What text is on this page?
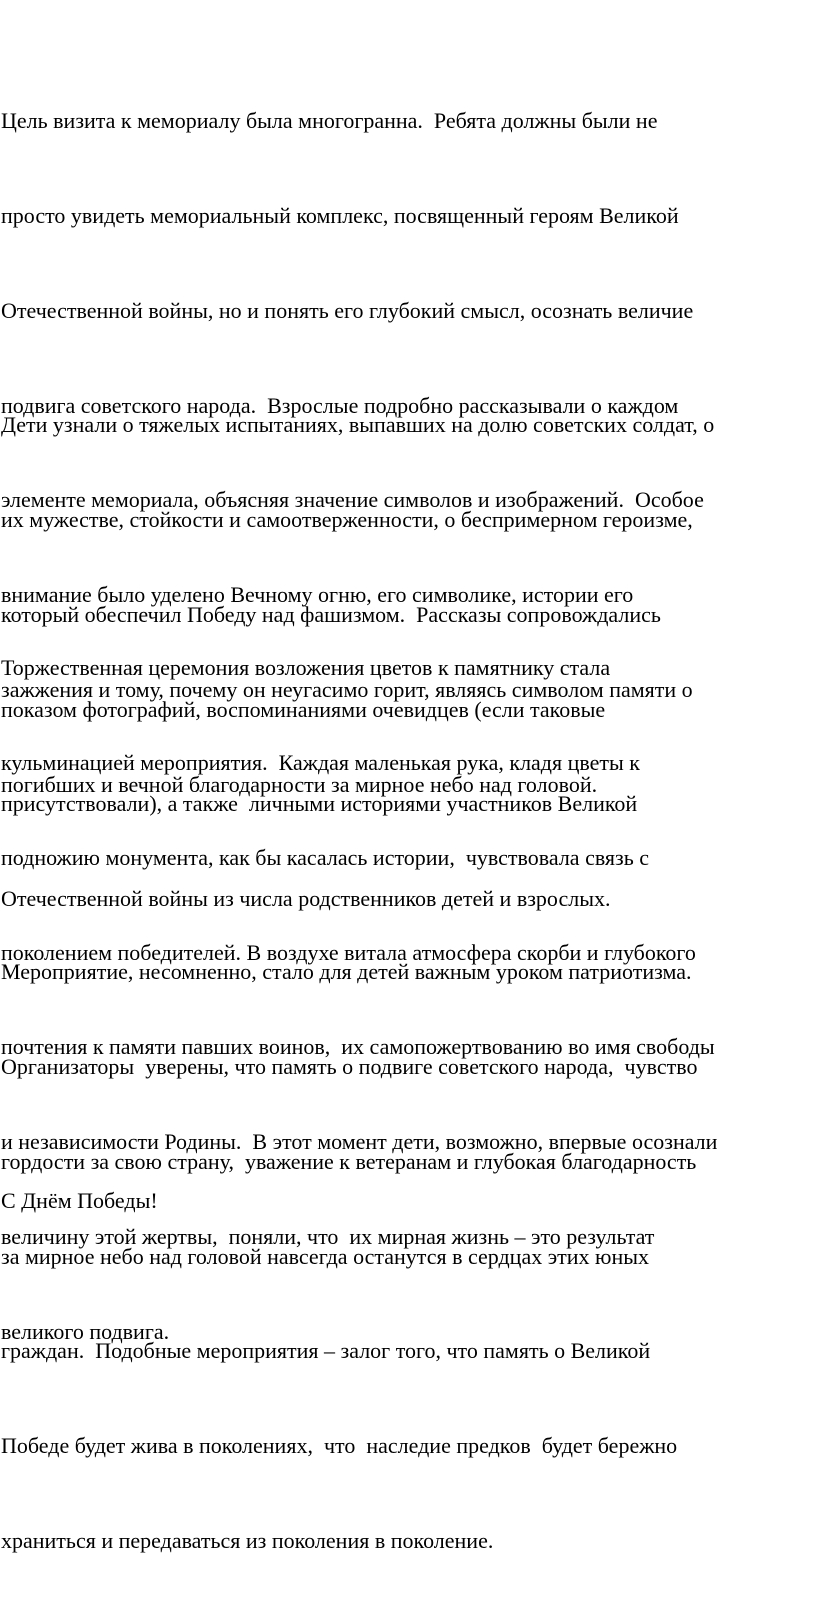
Цель визита к мемориалу была многогранна.  Ребята должны были не

просто увидеть мемориальный комплекс, посвященный героям Великой

Отечественной войны, но и понять его глубокий смысл, осознать величие

подвига советского народа.  Взрослые подробно рассказывали о каждом

элементе мемориала, объясняя значение символов и изображений.  Особое

внимание было уделено Вечному огню, его символике, истории его

зажжения и тому, почему он неугасимо горит, являясь символом памяти о

погибших и вечной благодарности за мирное небо над головой.

Дети узнали о тяжелых испытаниях, выпавших на долю советских солдат, о

их мужестве, стойкости и самоотверженности, о беспримерном героизме,

который обеспечил Победу над фашизмом.  Рассказы сопровождались

показом фотографий, воспоминаниями очевидцев (если таковые

присутствовали), а также  личными историями участников Великой

Отечественной войны из числа родственников детей и взрослых.

Торжественная церемония возложения цветов к памятнику стала

кульминацией мероприятия.  Каждая маленькая рука, кладя цветы к

подножию монумента, как бы касалась истории,  чувствовала связь с

поколением победителей. В воздухе витала атмосфера скорби и глубокого

почтения к памяти павших воинов,  их самопожертвованию во имя свободы

и независимости Родины.  В этот момент дети, возможно, впервые осознали

величину этой жертвы,  поняли, что  их мирная жизнь – это результат

великого подвига.

Мероприятие, несомненно, стало для детей важным уроком патриотизма.

Организаторы  уверены, что память о подвиге советского народа,  чувство

гордости за свою страну,  уважение к ветеранам и глубокая благодарность

за мирное небо над головой навсегда останутся в сердцах этих юных

граждан.  Подобные мероприятия – залог того, что память о Великой

Победе будет жива в поколениях,  что  наследие предков  будет бережно

храниться и передаваться из поколения в поколение.

С Днём Победы!
